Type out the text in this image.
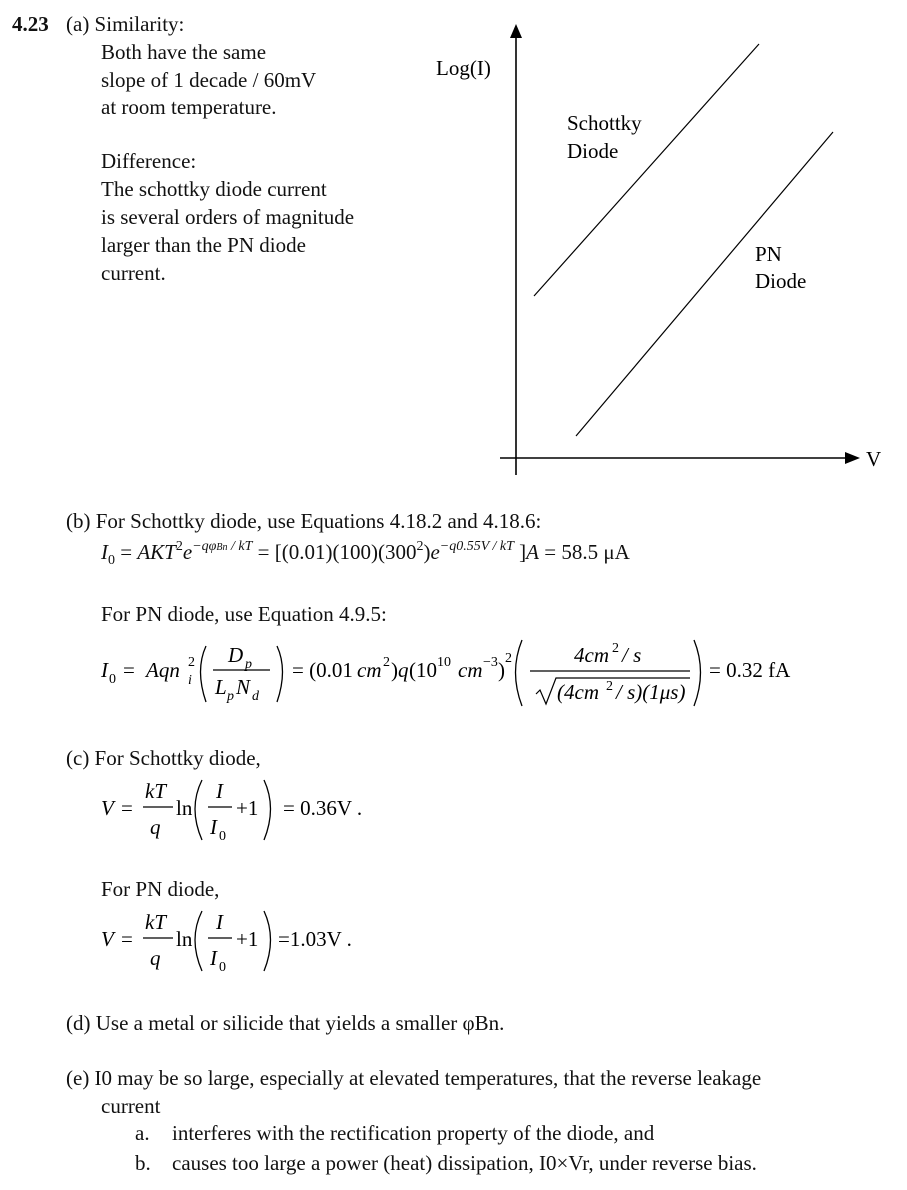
4.23 (a) Similarity:
Both have the same
slope of 1 decade / 60mV
at room temperature.
Difference:
The schottky diode current
is several orders of magnitude
larger than the PN diode
current.
Log(I)
V
Schottky
Diode
PN
Diode
(b) For Schottky diode, use Equations 4.18.2 and 4.18.6:
$I_0 = AKT^2e^{-q\varphi Bn / kT} = [(0.01)(100)(300^2)e^{-q0.55V / kT}$ ]A = 58.5 μA
For PN diode, use Equation 4.9.5:
I 0 = Aqn 2
i
D p
L p N d
= (0.01 cm 2 ) q (10 10 cm −3 ) 2	4cm 2 / s
(4cm 2 / s)(1μs)
= 0.32 fA
(c) For Schottky diode,
V =
kT
q
ln
I
I 0
+1 = 0.36V .
For PN diode,
V =
kT
q
ln
I
I 0
+1 =1.03V .
(d) Use a metal or silicide that yields a smaller φBn.
(e) I0 may be so large, especially at elevated temperatures, that the reverse leakage
current
a. interferes with the rectification property of the diode, and
b. causes too large a power (heat) dissipation, I0×Vr, under reverse bias.
